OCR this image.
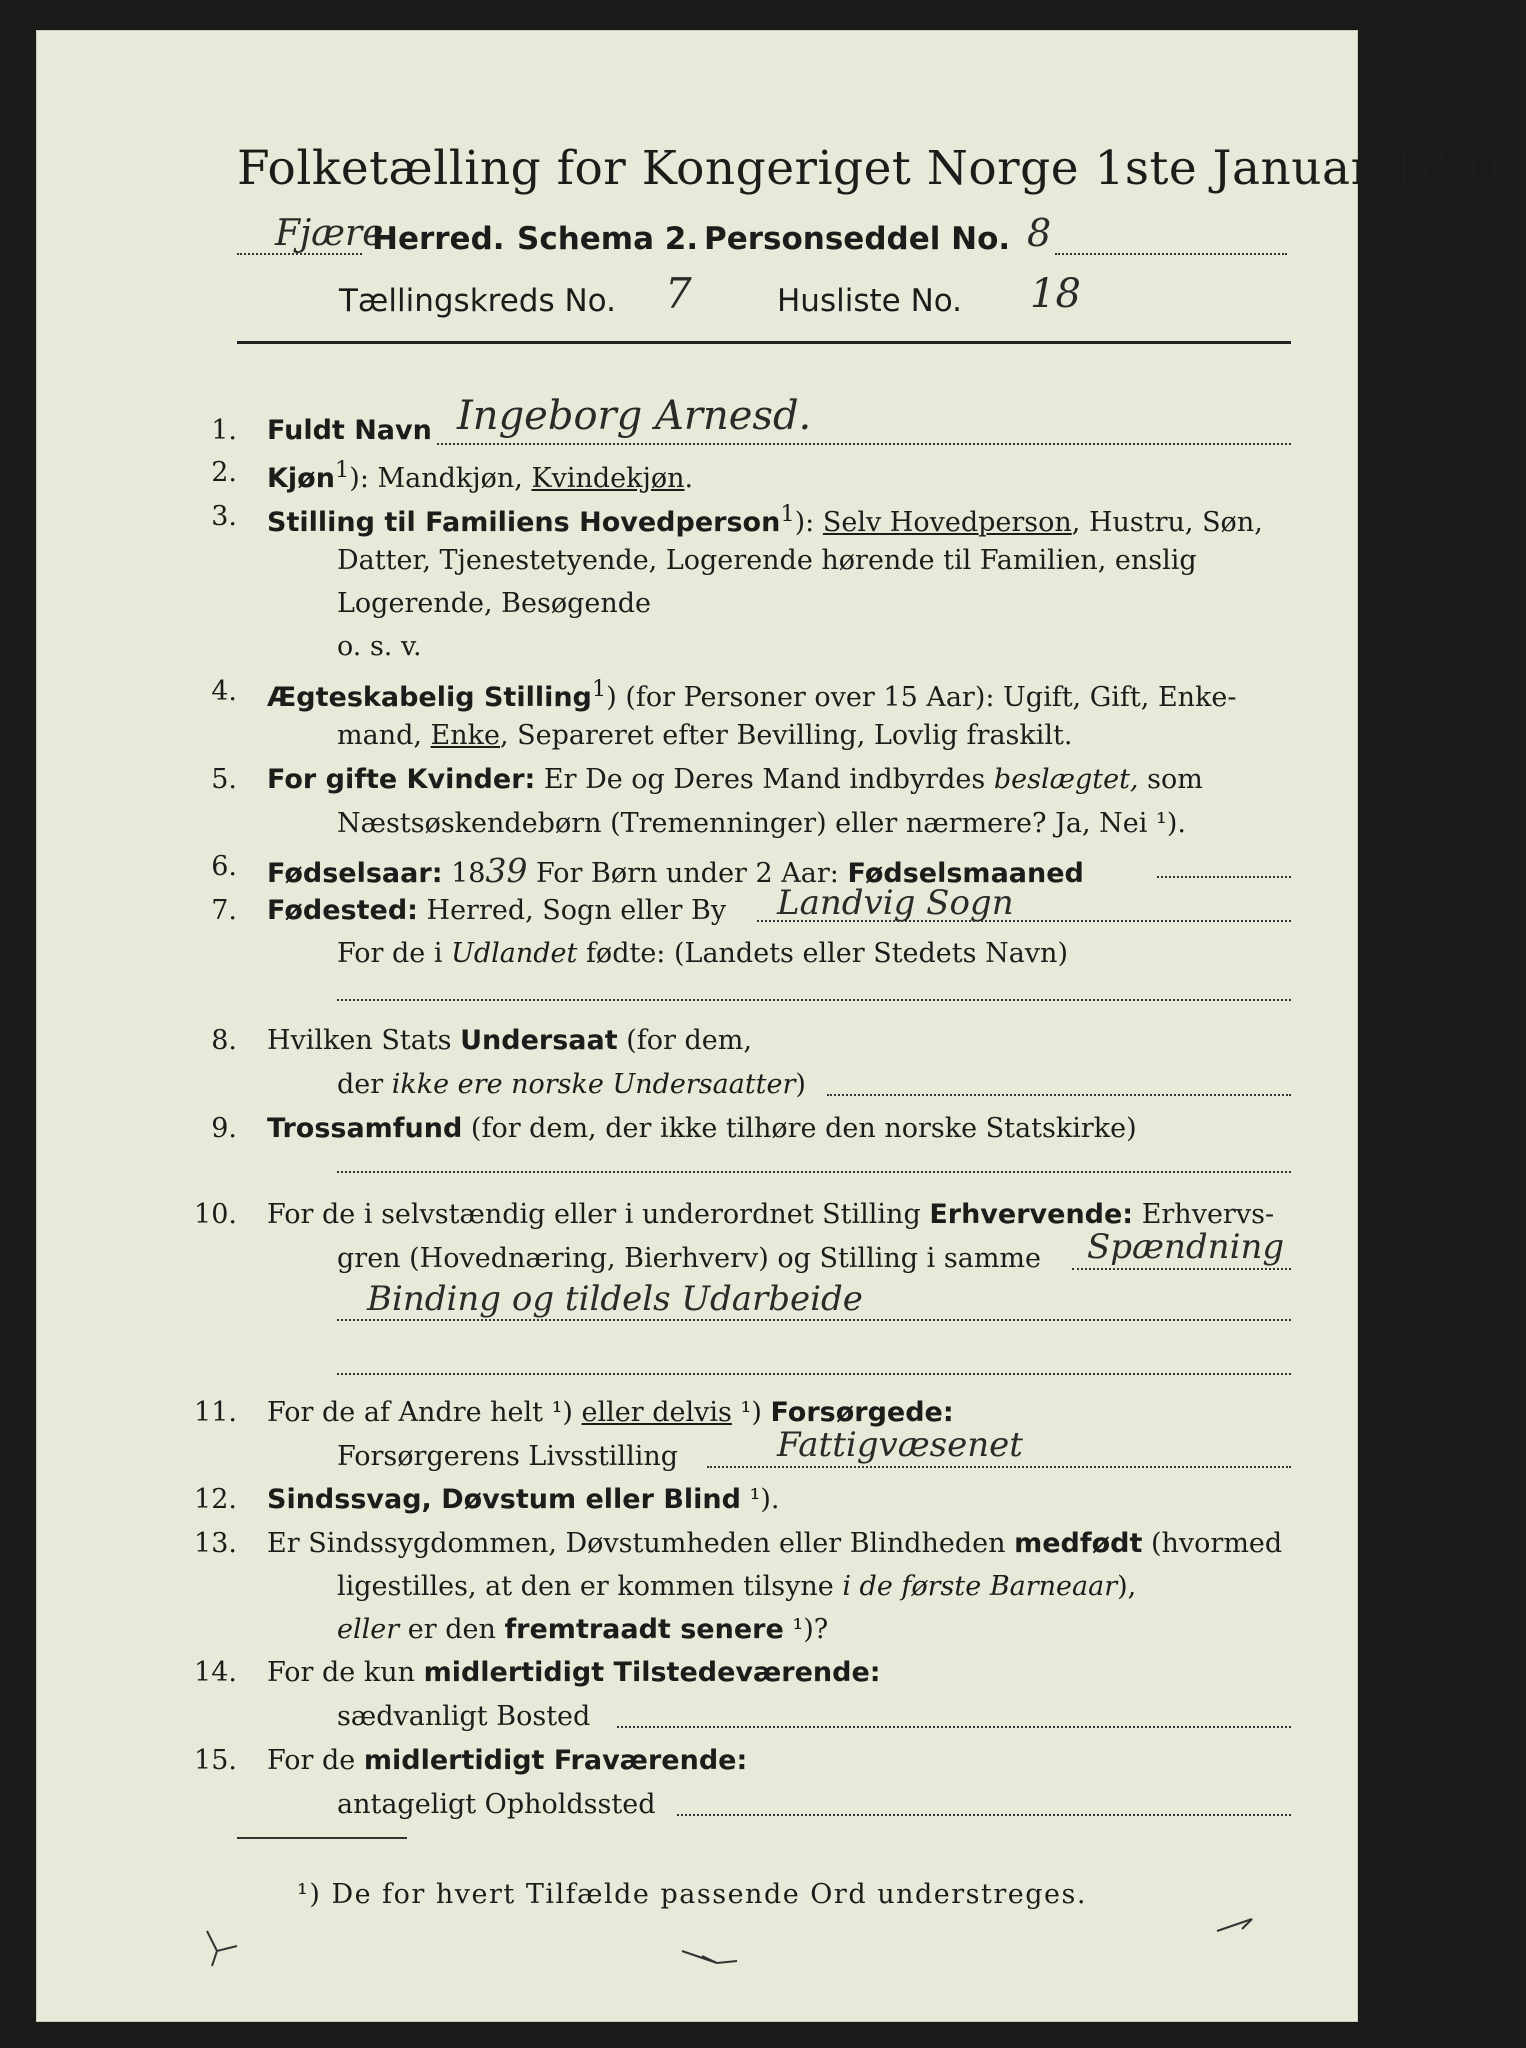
Folketælling for Kongeriget Norge 1ste Januar 1891.
Fjære
Herred. Schema 2. Personseddel No. 8
Tællingskreds No. 7	Husliste No. 18
1. Fuldt Navn Ingeborg Arnesd.
2. Kjøn$^1$): Mandkjøn, Kvindekjøn.
3. Stilling til Familiens Hovedperson$^1$): Selv Hovedperson, Hustru, Søn,
Datter, Tjenestetyende, Logerende hørende til Familien, enslig
Logerende, Besøgende
o. s. v.
4. Ægteskabelig Stilling$^1$) (for Personer over 15 Aar): Ugift, Gift, Enke-
mand, Enke, Separeret efter Bevilling, Lovlig fraskilt.
5. For gifte Kvinder: Er De og Deres Mand indbyrdes beslægtet, som
Næstsøskendebørn (Tremenninger) eller nærmere? Ja, Nei ¹).
6. Fødselsaar: 1839 For Børn under 2 Aar: Fødselsmaaned
7. Fødested: Herred, Sogn eller By Landvig Sogn
For de i Udlandet fødte: (Landets eller Stedets Navn)
8. Hvilken Stats Undersaat (for dem,
der ikke ere norske Undersaatter)
9. Trossamfund (for dem, der ikke tilhøre den norske Statskirke)
10. For de i selvstændig eller i underordnet Stilling Erhvervende: Erhvervs-
gren (Hovednæring, Bierhverv) og Stilling i samme Spændning
Binding og tildels Udarbeide
11. For de af Andre helt ¹) eller delvis ¹) Forsørgede:
Forsørgerens Livsstilling	Fattigvæsenet
12. Sindssvag, Døvstum eller Blind ¹).
13. Er Sindssygdommen, Døvstumheden eller Blindheden medfødt (hvormed
ligestilles, at den er kommen tilsyne i de første Barneaar),
eller er den fremtraadt senere ¹)?
14. For de kun midlertidigt Tilstedeværende:
sædvanligt Bosted
15. For de midlertidigt Fraværende:
antageligt Opholdssted
¹) De for hvert Tilfælde passende Ord understreges.
